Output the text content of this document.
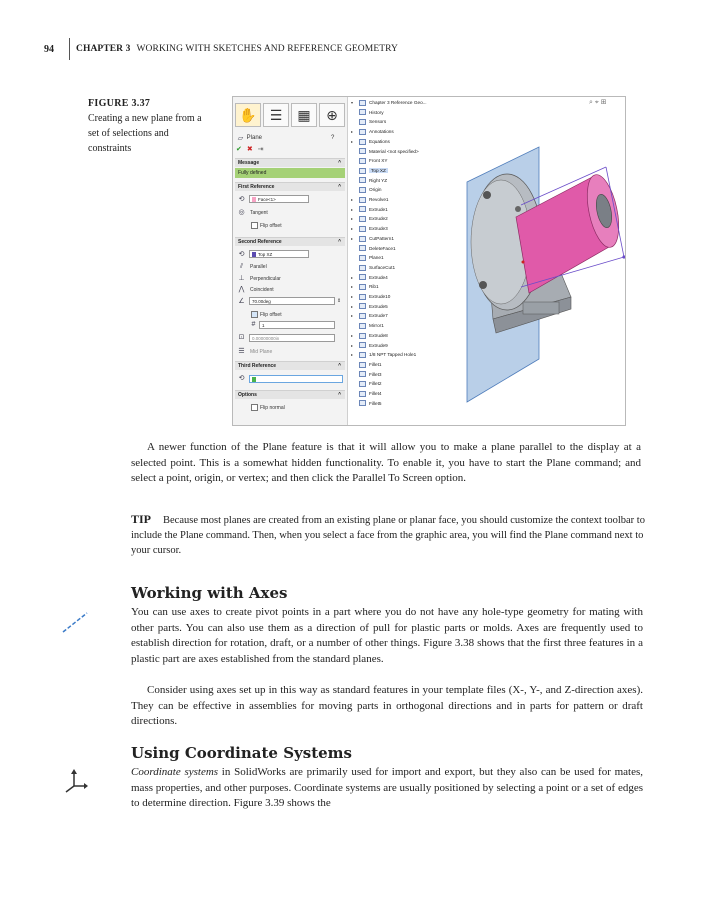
94 CHAPTER 3 WORKING WITH SKETCHES AND REFERENCE GEOMETRY
FIGURE 3.37
Creating a new plane from a set of selections and constraints
✋ ☰	▦	⊕
▱ Plane	?
✔ ✖ ⇥
Message	^
Fully defined
First Reference	^
⟲	Face<1>
◎ Tangent
Flip offset
Second Reference	^
⟲	Top XZ
⫽	Parallel
⊥ Perpendicular
⋀	Coincident
∠	70.00deg	⇕
Flip offset
#	1
⊡	0.00000000in
☰ Mid Plane
Third Reference	^
⟲
Options	^
Flip normal
▾	Chapter 3 Reference Geo...
History
Sensors
▸	Annotations
▸	Equations
Material <not specified>
Front XY
Top XZ
Right YZ
Origin
▸	Revolve1
▸	Extrude1
▸	Extrude2
▸	Extrude3
▸	CutPattern1
DeleteFace1
Plane1
SurfaceCut1
▸	Extrude4
▸	Rib1
▸	Extrude10
▸	Extrude5
▸	Extrude7
Mirror1
▸	Extrude8
▸	Extrude9
▸	1/8 NPT Tapped Hole1
Fillet1
Fillet3
Fillet2
Fillet4
Fillet5
⌕ ⌖ ⊞
A newer function of the Plane feature is that it will allow you to make a plane parallel to the display at a selected point. This is a somewhat hidden functionality. To enable it, you have to start the Plane command; and select a point, origin, or vertex; and then click the Parallel To Screen option.
TIP Because most planes are created from an existing plane or planar face, you should customize the context toolbar to include the Plane command. Then, when you select a face from the graphic area, you will find the Plane command next to your cursor.
Working with Axes
You can use axes to create pivot points in a part where you do not have any hole-type geometry for mating with other parts. You can also use them as a direction of pull for plastic parts or molds. Axes are frequently used to establish direction for rotation, draft, or a number of other things. Figure 3.38 shows that the first three features in a plastic part are axes established from the standard planes.
Consider using axes set up in this way as standard features in your template files (X-, Y-, and Z-direction axes). They can be effective in assemblies for moving parts in orthogonal directions and in parts for pattern or draft directions.
Using Coordinate Systems
Coordinate systems in SolidWorks are primarily used for import and export, but they also can be used for mates, mass properties, and other purposes. Coordinate systems are usually positioned by selecting a point or a set of edges to determine direction. Figure 3.39 shows the
